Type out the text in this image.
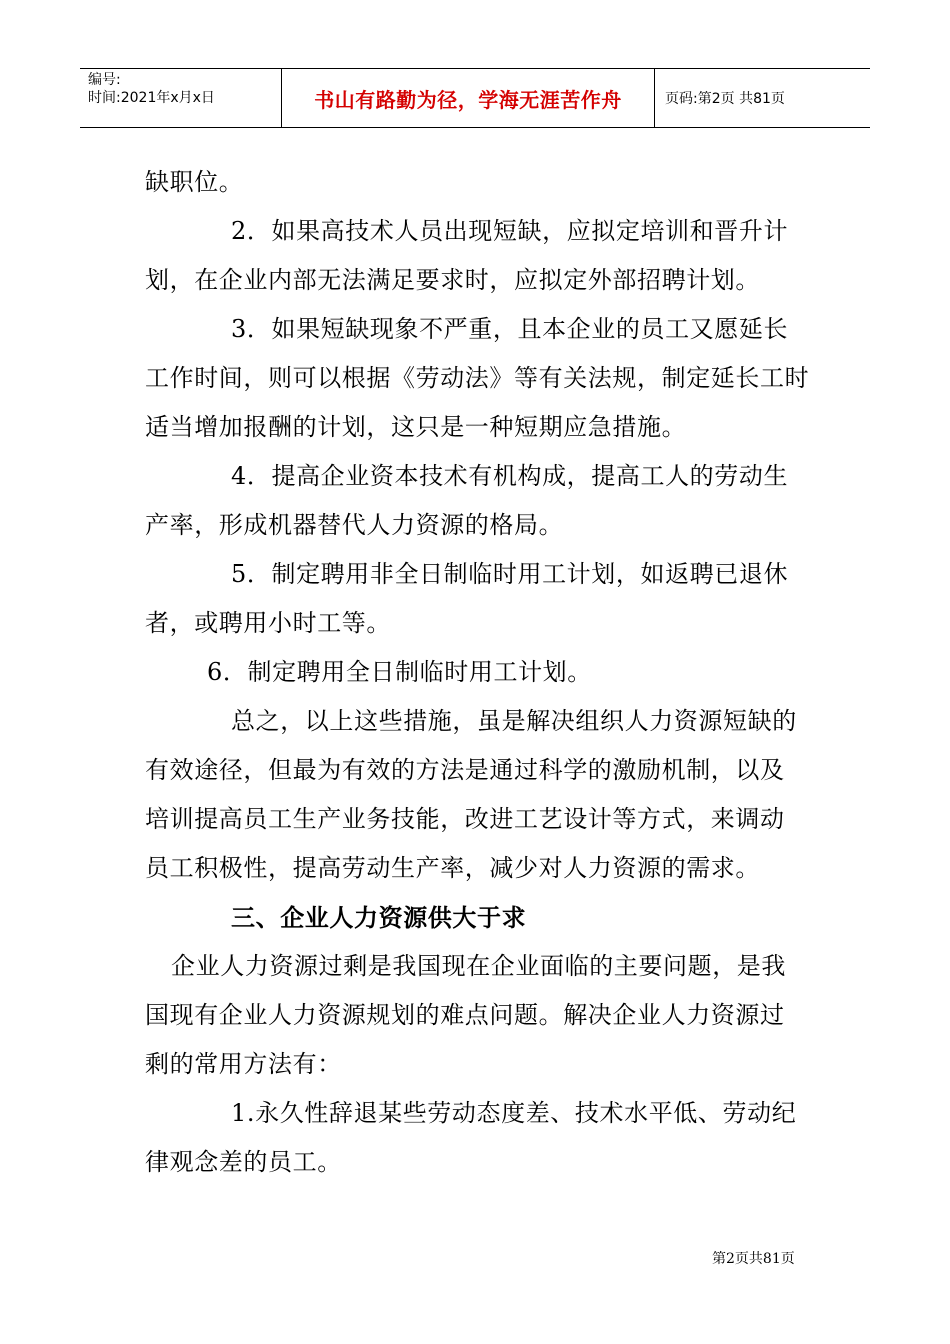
编号:
时间:2021年x月x日	书山有路勤为径，学海无涯苦作舟	页码:第2页 共81页
缺职位。
2．如果高技术人员出现短缺，应拟定培训和晋升计
划，在企业内部无法满足要求时，应拟定外部招聘计划。
3．如果短缺现象不严重，且本企业的员工又愿延长
工作时间，则可以根据《劳动法》等有关法规，制定延长工时
适当增加报酬的计划，这只是一种短期应急措施。
4．提高企业资本技术有机构成，提高工人的劳动生
产率，形成机器替代人力资源的格局。
5．制定聘用非全日制临时用工计划，如返聘已退休
者，或聘用小时工等。
6．制定聘用全日制临时用工计划。
总之，以上这些措施，虽是解决组织人力资源短缺的
有效途径，但最为有效的方法是通过科学的激励机制，以及
培训提高员工生产业务技能，改进工艺设计等方式，来调动
员工积极性，提高劳动生产率，减少对人力资源的需求。
三、企业人力资源供大于求
企业人力资源过剩是我国现在企业面临的主要问题，是我
国现有企业人力资源规划的难点问题。解决企业人力资源过
剩的常用方法有：
1.永久性辞退某些劳动态度差、技术水平低、劳动纪
律观念差的员工。
第2页共81页
